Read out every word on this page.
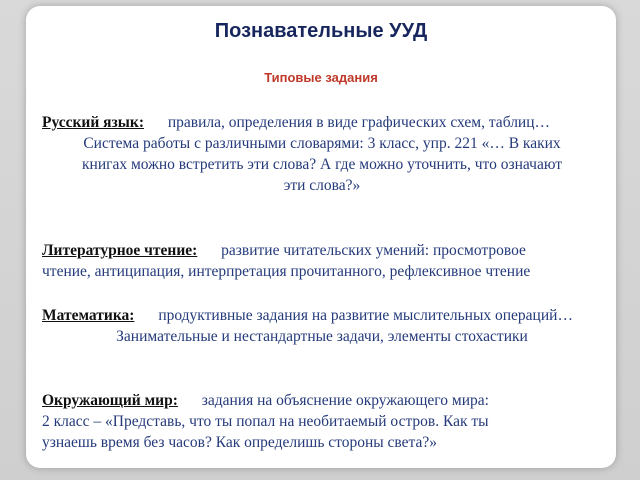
Познавательные УУД
Типовые задания
Русский язык: правила, определения в виде графических схем, таблиц…
Система работы с различными словарями: 3 класс, упр. 221 «… В каких
книгах можно встретить эти слова? А где можно уточнить, что означают
эти слова?»
Литературное чтение: развитие читательских умений: просмотровое
чтение, антиципация, интерпретация прочитанного, рефлексивное чтение
Математика: продуктивные задания на развитие мыслительных операций…
Занимательные и нестандартные задачи, элементы стохастики
Окружающий мир: задания на объяснение окружающего мира:
2 класс – «Представь, что ты попал на необитаемый остров. Как ты
узнаешь время без часов? Как определишь стороны света?»
